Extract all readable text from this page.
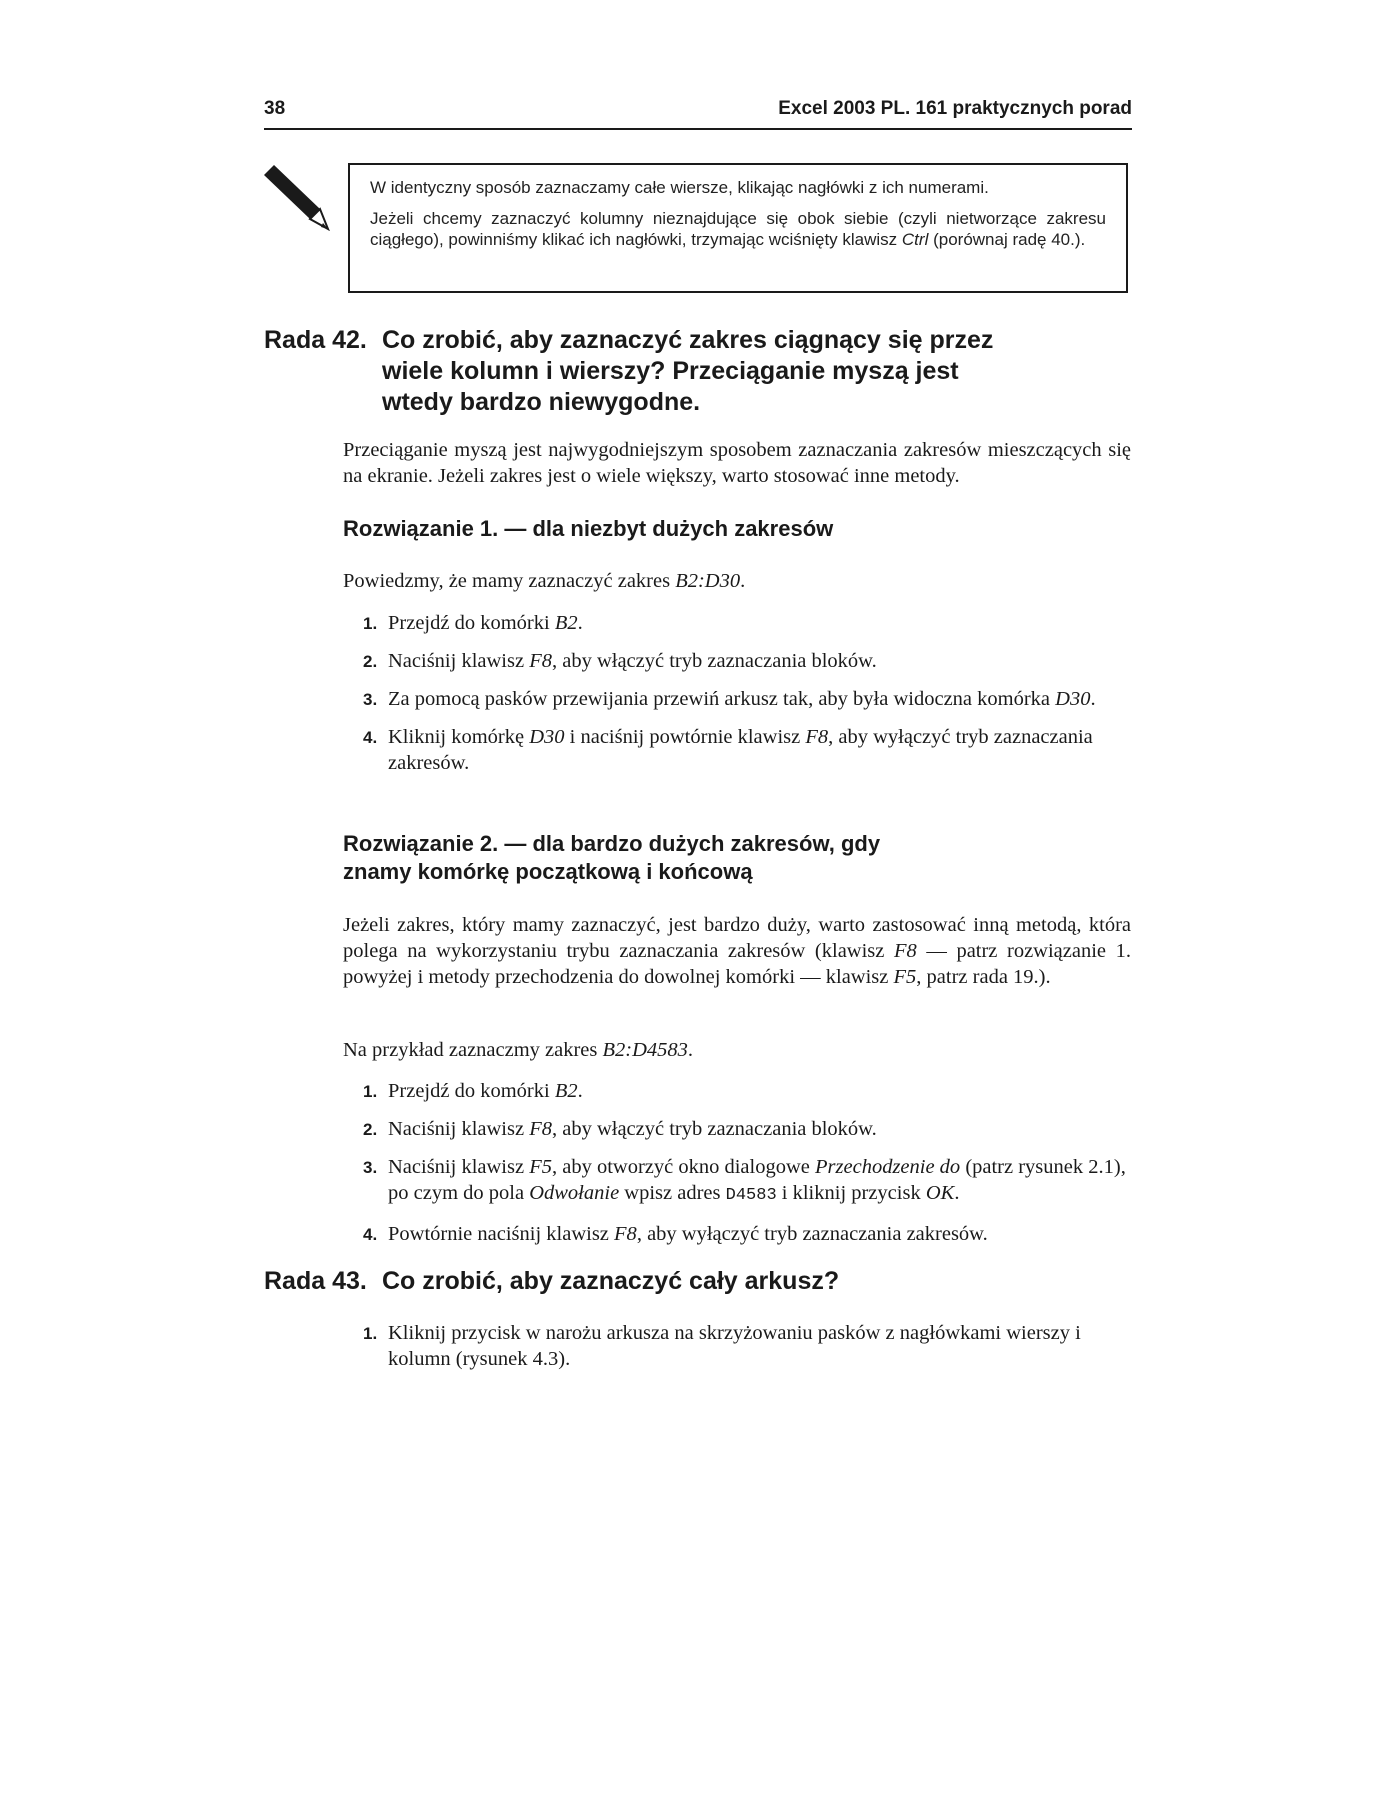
38	Excel 2003 PL. 161 praktycznych porad

W identyczny sposób zaznaczamy całe wiersze, klikając nagłówki z ich numerami.

Jeżeli chcemy zaznaczyć kolumny nieznajdujące się obok siebie (czyli nietworzące zakresu ciągłego), powinniśmy klikać ich nagłówki, trzymając wciśnięty klawisz Ctrl (porównaj radę 40.).

Rada 42. Co zrobić, aby zaznaczyć zakres ciągnący się przez wiele kolumn i wierszy? Przeciąganie myszą jest wtedy bardzo niewygodne.

Przeciąganie myszą jest najwygodniejszym sposobem zaznaczania zakresów mieszczących się na ekranie. Jeżeli zakres jest o wiele większy, warto stosować inne metody.

Rozwiązanie 1. — dla niezbyt dużych zakresów

Powiedzmy, że mamy zaznaczyć zakres B2:D30.

1. Przejdź do komórki B2.
2. Naciśnij klawisz F8, aby włączyć tryb zaznaczania bloków.
3. Za pomocą pasków przewijania przewiń arkusz tak, aby była widoczna komórka D30.
4. Kliknij komórkę D30 i naciśnij powtórnie klawisz F8, aby wyłączyć tryb zaznaczania zakresów.
Rozwiązanie 2. — dla bardzo dużych zakresów, gdy znamy komórkę początkową i końcową

Jeżeli zakres, który mamy zaznaczyć, jest bardzo duży, warto zastosować inną metodą, która polega na wykorzystaniu trybu zaznaczania zakresów (klawisz F8 — patrz rozwiązanie 1. powyżej i metody przechodzenia do dowolnej komórki — klawisz F5, patrz rada 19.).

Na przykład zaznaczmy zakres B2:D4583.

1. Przejdź do komórki B2.
2. Naciśnij klawisz F8, aby włączyć tryb zaznaczania bloków.
3. Naciśnij klawisz F5, aby otworzyć okno dialogowe Przechodzenie do (patrz rysunek 2.1), po czym do pola Odwołanie wpisz adres D4583 i kliknij przycisk OK.
4. Powtórnie naciśnij klawisz F8, aby wyłączyć tryb zaznaczania zakresów.
Rada 43. Co zrobić, aby zaznaczyć cały arkusz?
1. Kliknij przycisk w narożu arkusza na skrzyżowaniu pasków z nagłówkami wierszy i kolumn (rysunek 4.3).
